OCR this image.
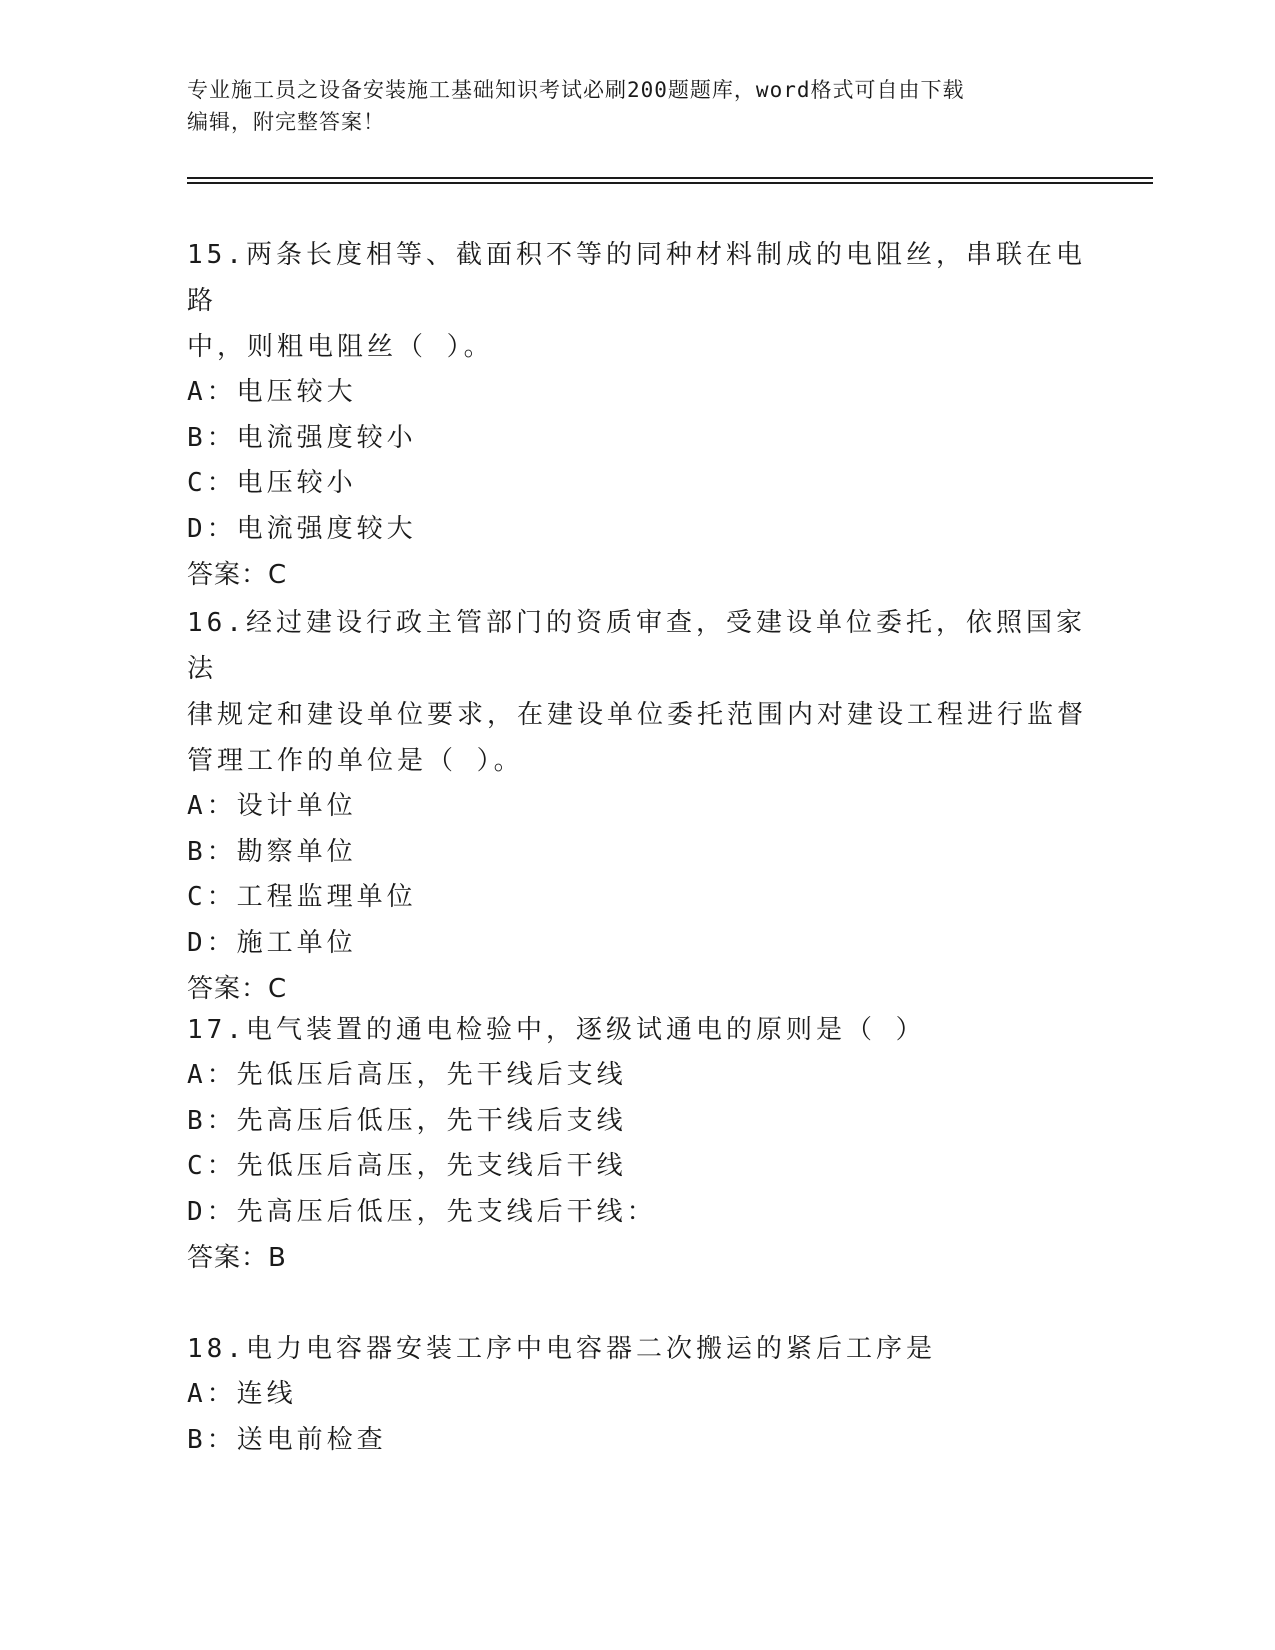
专业施工员之设备安装施工基础知识考试必刷200题题库，word格式可自由下载
编辑，附完整答案！
15.两条长度相等、截面积不等的同种材料制成的电阻丝，串联在电路
中，则粗电阻丝（ ）。
A：电压较大
B：电流强度较小
C：电压较小
D：电流强度较大
答案：C
16.经过建设行政主管部门的资质审查，受建设单位委托，依照国家法
律规定和建设单位要求，在建设单位委托范围内对建设工程进行监督
管理工作的单位是（ ）。
A：设计单位
B：勘察单位
C：工程监理单位
D：施工单位
答案：C
17.电气装置的通电检验中，逐级试通电的原则是（ ）
A：先低压后高压，先干线后支线
B：先高压后低压，先干线后支线
C：先低压后高压，先支线后干线
D：先高压后低压，先支线后干线：
答案：B
18.电力电容器安装工序中电容器二次搬运的紧后工序是
A：连线
B：送电前检查
